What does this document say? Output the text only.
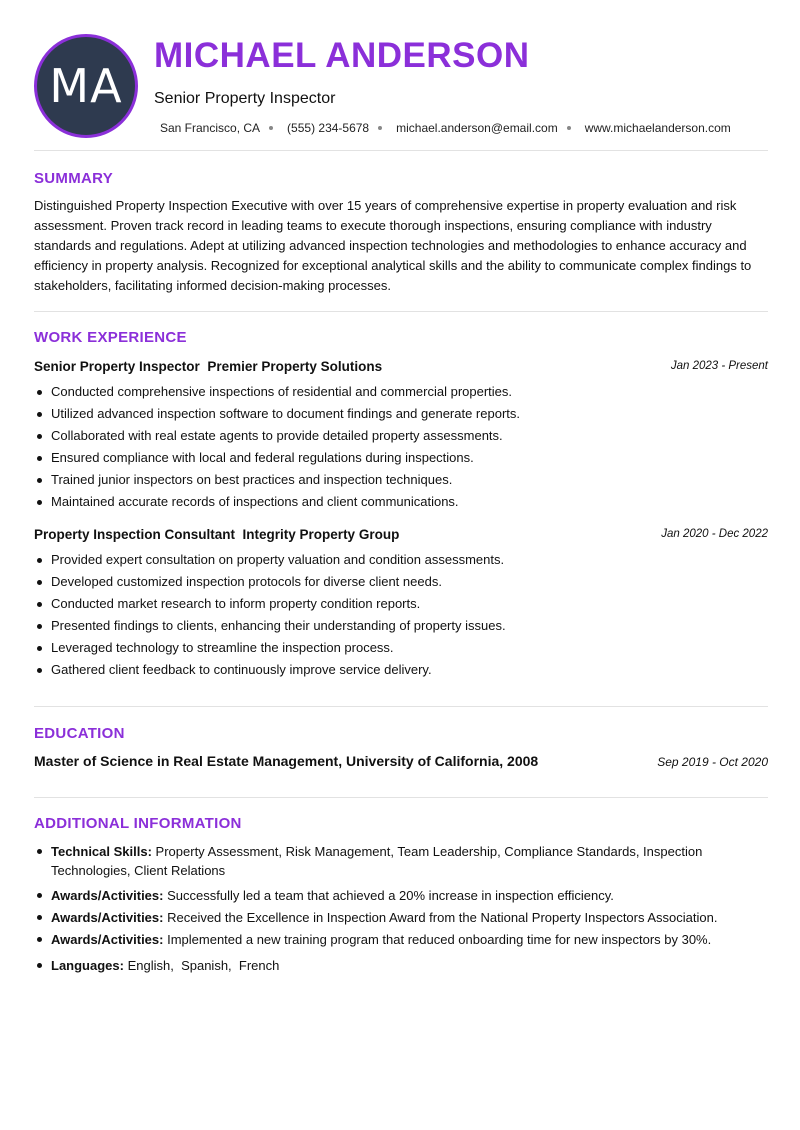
MA
MICHAEL ANDERSON
Senior Property Inspector
San Francisco, CA (555) 234-5678 michael.anderson@email.com www.michaelanderson.com
SUMMARY

Distinguished Property Inspection Executive with over 15 years of comprehensive expertise in property evaluation and risk assessment. Proven track record in leading teams to execute thorough inspections, ensuring compliance with industry standards and regulations. Adept at utilizing advanced inspection technologies and methodologies to enhance accuracy and efficiency in property analysis. Recognized for exceptional analytical skills and the ability to communicate complex findings to stakeholders, facilitating informed decision-making processes.

WORK EXPERIENCE
Senior Property Inspector Premier Property Solutions	Jan 2023 - Present
Conducted comprehensive inspections of residential and commercial properties.
Utilized advanced inspection software to document findings and generate reports.
Collaborated with real estate agents to provide detailed property assessments.
Ensured compliance with local and federal regulations during inspections.
Trained junior inspectors on best practices and inspection techniques.
Maintained accurate records of inspections and client communications.
Property Inspection Consultant Integrity Property Group	Jan 2020 - Dec 2022
Provided expert consultation on property valuation and condition assessments.
Developed customized inspection protocols for diverse client needs.
Conducted market research to inform property condition reports.
Presented findings to clients, enhancing their understanding of property issues.
Leveraged technology to streamline the inspection process.
Gathered client feedback to continuously improve service delivery.
EDUCATION
Master of Science in Real Estate Management, University of California, 2008	Sep 2019 - Oct 2020
ADDITIONAL INFORMATION
Technical Skills: Property Assessment, Risk Management, Team Leadership, Compliance Standards, Inspection Technologies, Client Relations
Awards/Activities: Successfully led a team that achieved a 20% increase in inspection efficiency.
Awards/Activities: Received the Excellence in Inspection Award from the National Property Inspectors Association.
Awards/Activities: Implemented a new training program that reduced onboarding time for new inspectors by 30%.
Languages: English,  Spanish,  French
